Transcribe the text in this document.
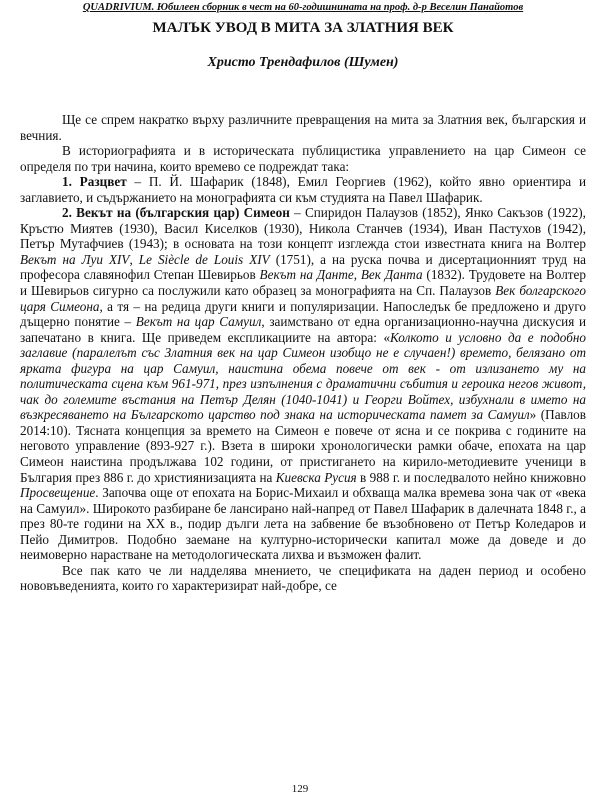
QUADRIVIUM. Юбилеен сборник в чест на 60-годишнината на проф. д-р Веселин Панайотов
МАЛЪК УВОД В МИТА ЗА ЗЛАТНИЯ ВЕК
Христо Трендафилов (Шумен)

Ще се спрем накратко върху различните превращения на мита за Златния век, българския и вечния.

В историографията и в историческата публицистика управлението на цар Симеон се определя по три начина, които времево се подреждат така:

1. Разцвет – П. Й. Шафарик (1848), Емил Георгиев (1962), който явно ориентира и заглавието, и съдържанието на монографията си към студията на Павел Шафарик.

2. Векът на (българския цар) Симеон – Спиридон Палаузов (1852), Янко Сакъзов (1922), Кръстю Миятев (1930), Васил Киселков (1930), Никола Станчев (1934), Иван Пастухов (1942), Петър Мутафчиев (1943); в основата на този концепт изглежда стои известната книга на Волтер Векът на Луи XIV, Le Siècle de Louis XIV (1751), а на руска почва и дисертационният труд на професора славянофил Степан Шевирьов Векът на Данте, Век Данта (1832). Трудовете на Волтер и Шевирьов сигурно са послужили като образец за монографията на Сп. Палаузов Век болгарского царя Симеона, а тя – на редица други книги и популяризации. Напоследък бе предложено и друго дъщерно понятие – Векът на цар Самуил, заимствано от една организационно-научна дискусия и запечатано в книга. Ще приведем експликациите на автора: «Колкото и условно да е подобно заглавие (паралелът със Златния век на цар Симеон изобщо не е случаен!) времето, белязано от ярката фигура на цар Самуил, наистина обема повече от век - от излизането му на политическата сцена към 961-971, през изпълнения с драматични събития и героика негов живот, чак до големите въстания на Петър Делян (1040-1041) и Георги Войтех, избухнали в името на възкресяването на Българското царство под знака на историческата памет за Самуил» (Павлов 2014:10). Тясната концепция за времето на Симеон е повече от ясна и се покрива с годините на неговото управление (893-927 г.). Взета в широки хронологически рамки обаче, епохата на цар Симеон наистина продължава 102 години, от пристигането на кирило-методиевите ученици в България през 886 г. до християнизацията на Киевска Русия в 988 г. и последвалото нейно книжовно Просвещение. Започва още от епохата на Борис-Михаил и обхваща малка времева зона чак от «века на Самуил». Широкото разбиране бе лансирано най-напред от Павел Шафарик в далечната 1848 г., а през 80-те години на XX в., подир дълги лета на забвение бе възобновено от Петър Коледаров и Пейо Димитров. Подобно заемане на културно-исторически капитал може да доведе и до неимоверно нарастване на методологическата лихва и възможен фалит.

Все пак като че ли надделява мнението, че спецификата на даден период и особено нововъведенията, които го характеризират най-добре, се

129
